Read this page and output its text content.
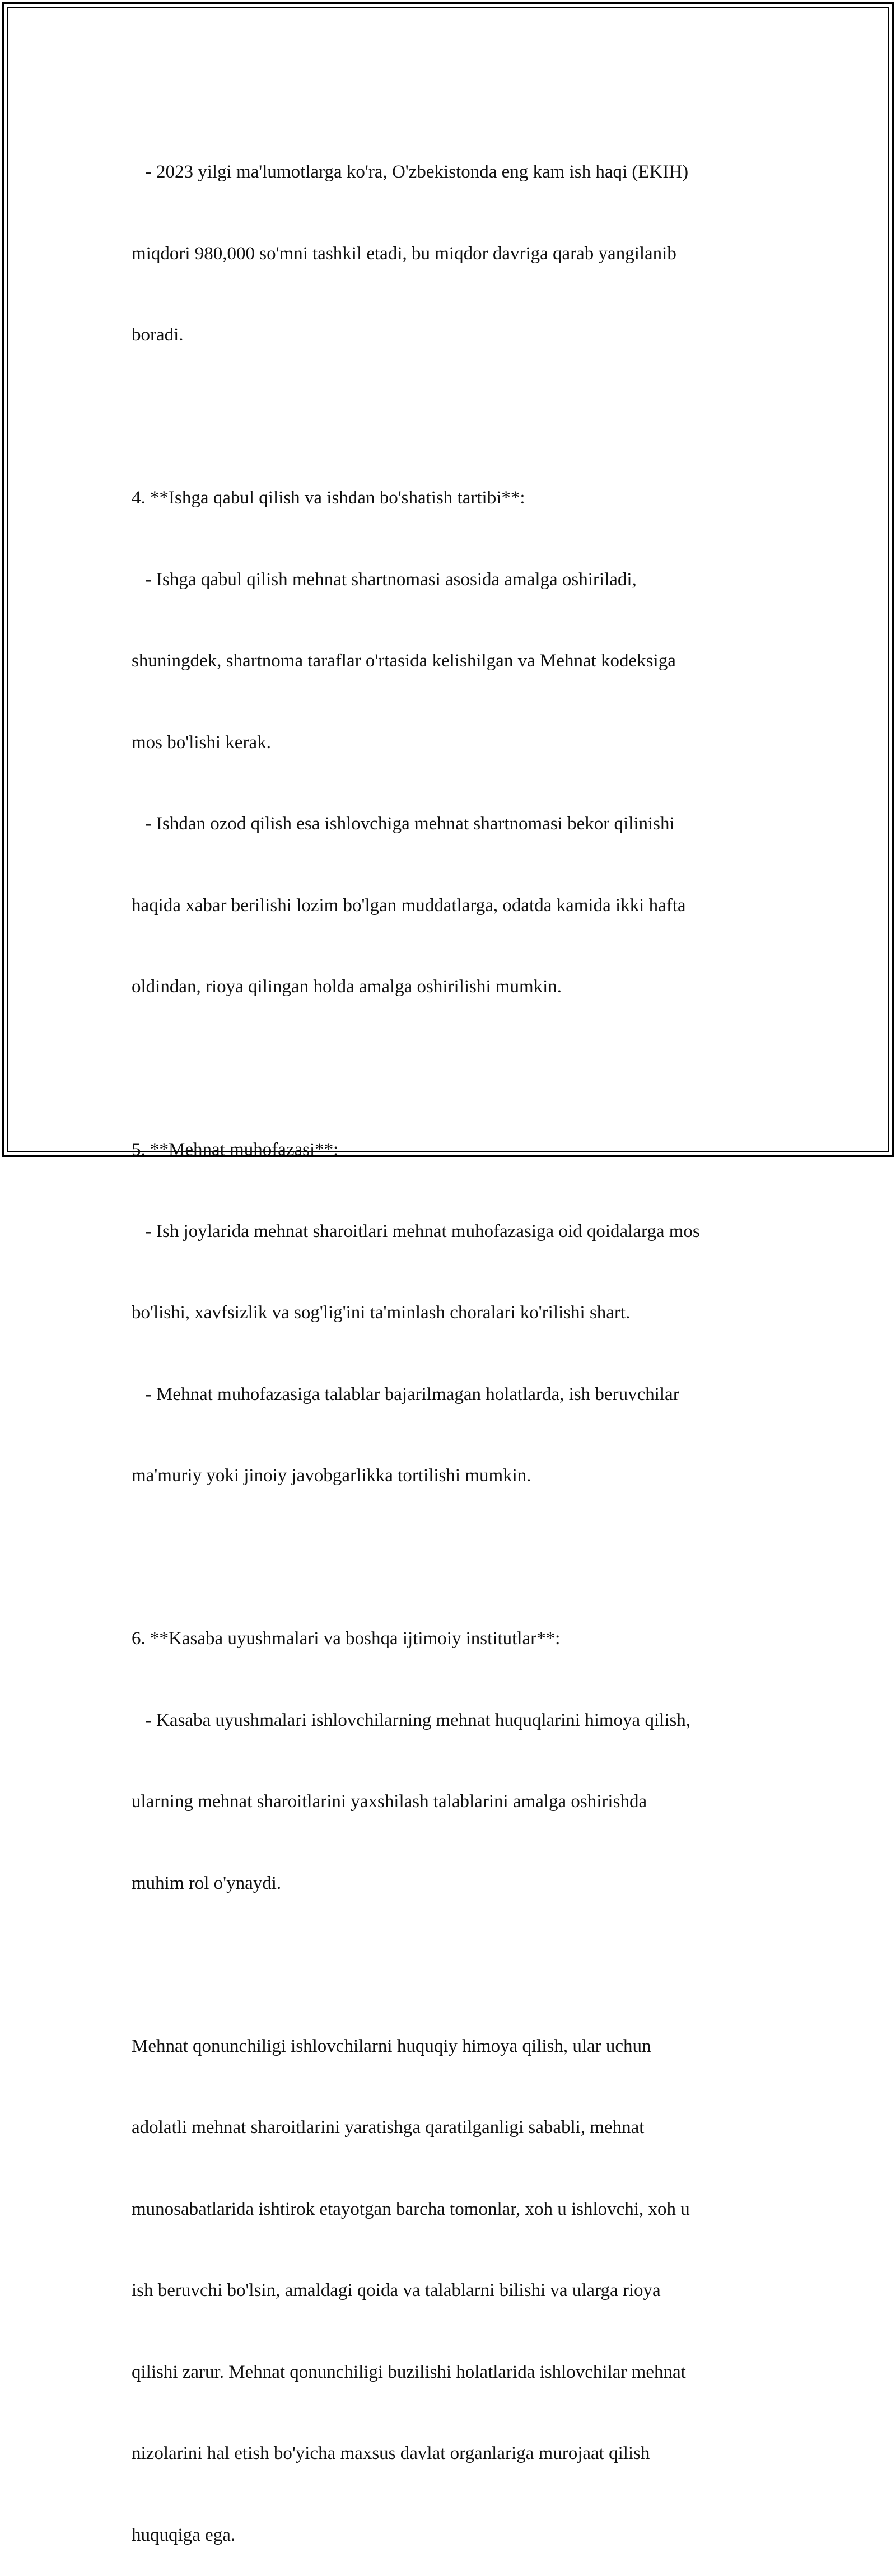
- 2023 yilgi ma'lumotlarga ko'ra, O'zbekistonda eng kam ish haqi (EKIH)

miqdori 980,000 so'mni tashkil etadi, bu miqdor davriga qarab yangilanib

boradi.

4. **Ishga qabul qilish va ishdan bo'shatish tartibi**:

- Ishga qabul qilish mehnat shartnomasi asosida amalga oshiriladi,

shuningdek, shartnoma taraflar o'rtasida kelishilgan va Mehnat kodeksiga

mos bo'lishi kerak.

- Ishdan ozod qilish esa ishlovchiga mehnat shartnomasi bekor qilinishi

haqida xabar berilishi lozim bo'lgan muddatlarga, odatda kamida ikki hafta

oldindan, rioya qilingan holda amalga oshirilishi mumkin.

5. **Mehnat muhofazasi**:

- Ish joylarida mehnat sharoitlari mehnat muhofazasiga oid qoidalarga mos

bo'lishi, xavfsizlik va sog'lig'ini ta'minlash choralari ko'rilishi shart.

- Mehnat muhofazasiga talablar bajarilmagan holatlarda, ish beruvchilar

ma'muriy yoki jinoiy javobgarlikka tortilishi mumkin.

6. **Kasaba uyushmalari va boshqa ijtimoiy institutlar**:

- Kasaba uyushmalari ishlovchilarning mehnat huquqlarini himoya qilish,

ularning mehnat sharoitlarini yaxshilash talablarini amalga oshirishda

muhim rol o'ynaydi.

Mehnat qonunchiligi ishlovchilarni huquqiy himoya qilish, ular uchun

adolatli mehnat sharoitlarini yaratishga qaratilganligi sababli, mehnat

munosabatlarida ishtirok etayotgan barcha tomonlar, xoh u ishlovchi, xoh u

ish beruvchi bo'lsin, amaldagi qoida va talablarni bilishi va ularga rioya

qilishi zarur. Mehnat qonunchiligi buzilishi holatlarida ishlovchilar mehnat

nizolarini hal etish bo'yicha maxsus davlat organlariga murojaat qilish

huquqiga ega.
